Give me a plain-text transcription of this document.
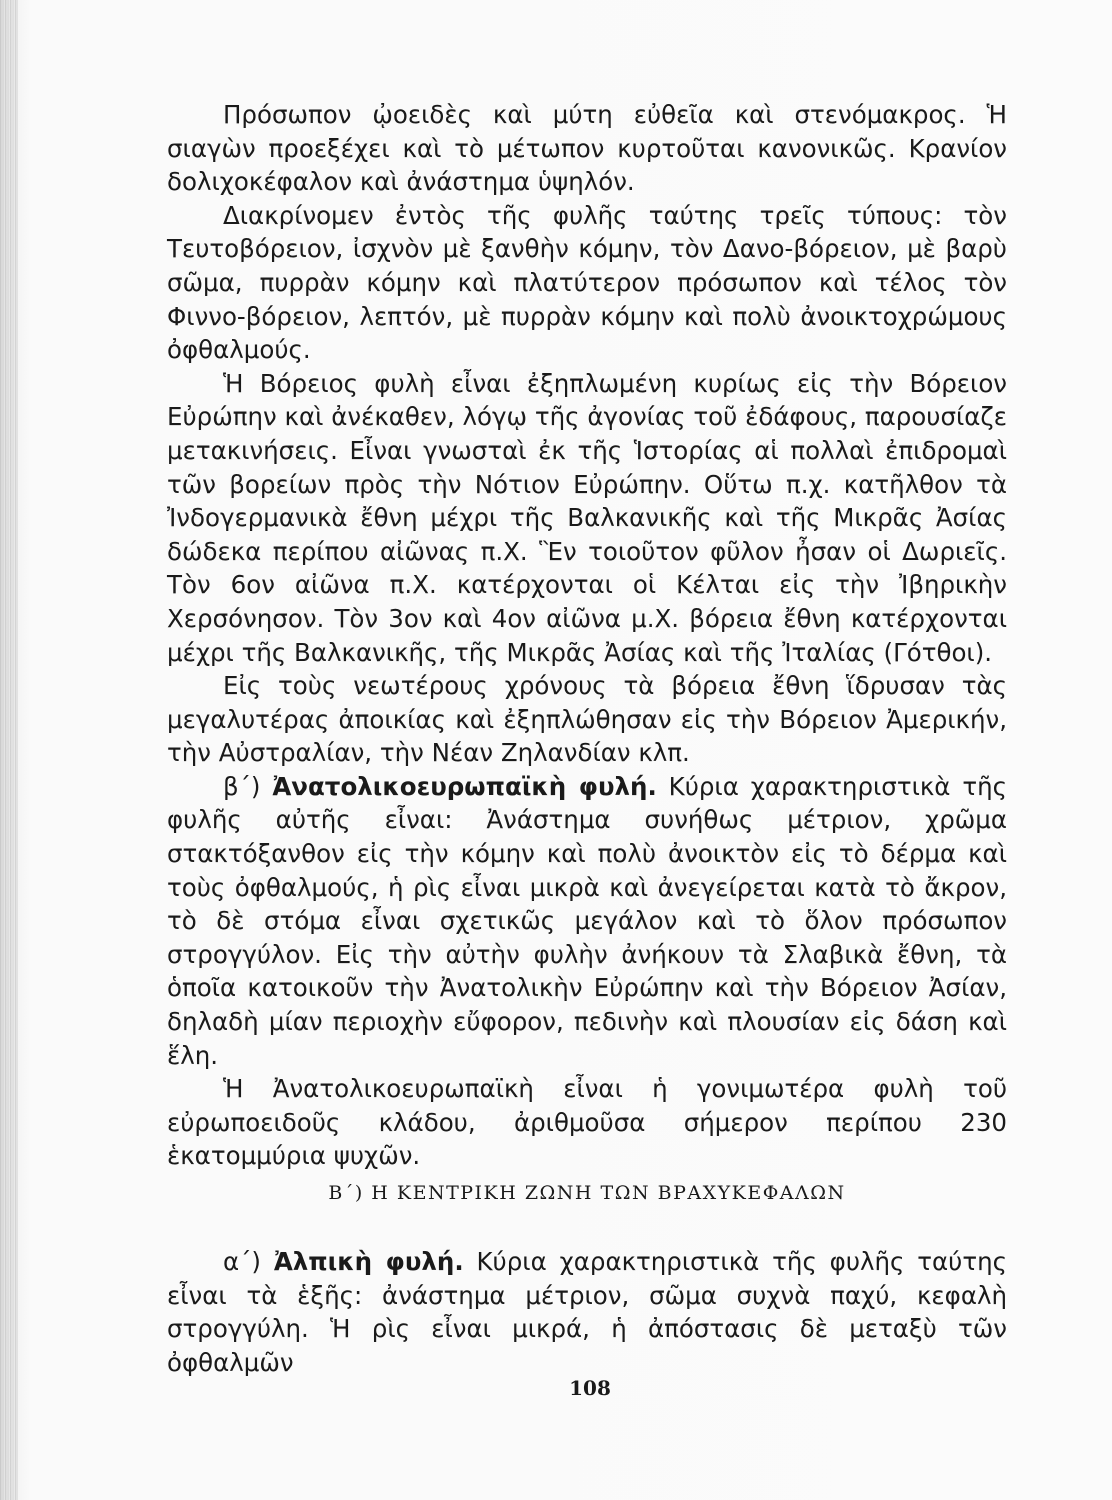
Πρόσωπον ᾠοειδὲς καὶ μύτη εὐθεῖα καὶ στενόμακρος. Ἡ σιαγὼν προεξέχει καὶ τὸ μέτωπον κυρτοῦται κανονικῶς. Κρανίον δολιχοκέφαλον καὶ ἀνάστημα ὑψηλόν.

Διακρίνομεν ἐντὸς τῆς φυλῆς ταύτης τρεῖς τύπους: τὸν Τευτοβόρειον, ἰσχνὸν μὲ ξανθὴν κόμην, τὸν Δανο-βόρειον, μὲ βαρὺ σῶμα, πυρρὰν κόμην καὶ πλατύτερον πρόσωπον καὶ τέλος τὸν Φιννο-βόρειον, λεπτόν, μὲ πυρρὰν κόμην καὶ πολὺ ἀνοικτοχρώμους ὀφθαλμούς.

Ἡ Βόρειος φυλὴ εἶναι ἐξηπλωμένη κυρίως εἰς τὴν Βόρειον Εὐρώπην καὶ ἀνέκαθεν, λόγῳ τῆς ἀγονίας τοῦ ἐδάφους, παρουσίαζε μετακινήσεις. Εἶναι γνωσταὶ ἐκ τῆς Ἱστορίας αἱ πολλαὶ ἐπιδρομαὶ τῶν βορείων πρὸς τὴν Νότιον Εὐρώπην. Οὕτω π.χ. κατῆλθον τὰ Ἰνδογερμανικὰ ἔθνη μέχρι τῆς Βαλκανικῆς καὶ τῆς Μικρᾶς Ἀσίας δώδεκα περίπου αἰῶνας π.Χ. Ἓν τοιοῦτον φῦλον ἦσαν οἱ Δωριεῖς. Τὸν 6ον αἰῶνα π.Χ. κατέρχονται οἱ Κέλται εἰς τὴν Ἰβηρικὴν Χερσόνησον. Τὸν 3ον καὶ 4ον αἰῶνα μ.Χ. βόρεια ἔθνη κατέρχονται μέχρι τῆς Βαλκανικῆς, τῆς Μικρᾶς Ἀσίας καὶ τῆς Ἰταλίας (Γότθοι).

Εἰς τοὺς νεωτέρους χρόνους τὰ βόρεια ἔθνη ἵδρυσαν τὰς μεγαλυτέρας ἀποικίας καὶ ἐξηπλώθησαν εἰς τὴν Βόρειον Ἀμερικήν, τὴν Αὐστραλίαν, τὴν Νέαν Ζηλανδίαν κλπ.

β΄) Ἀνατολικοευρωπαϊκὴ φυλή. Κύρια χαρακτηριστικὰ τῆς φυλῆς αὐτῆς εἶναι: Ἀνάστημα συνήθως μέτριον, χρῶμα στακτόξανθον εἰς τὴν κόμην καὶ πολὺ ἀνοικτὸν εἰς τὸ δέρμα καὶ τοὺς ὀφθαλμούς, ἡ ρὶς εἶναι μικρὰ καὶ ἀνεγείρεται κατὰ τὸ ἄκρον, τὸ δὲ στόμα εἶναι σχετικῶς μεγάλον καὶ τὸ ὅλον πρόσωπον στρογγύλον. Εἰς τὴν αὐτὴν φυλὴν ἀνήκουν τὰ Σλαβικὰ ἔθνη, τὰ ὁποῖα κατοικοῦν τὴν Ἀνατολικὴν Εὐρώπην καὶ τὴν Βόρειον Ἀσίαν, δηλαδὴ μίαν περιοχὴν εὔφορον, πεδινὴν καὶ πλουσίαν εἰς δάση καὶ ἕλη.

Ἡ Ἀνατολικοευρωπαϊκὴ εἶναι ἡ γονιμωτέρα φυλὴ τοῦ εὐρωποειδοῦς κλάδου, ἀριθμοῦσα σήμερον περίπου 230 ἑκατομμύρια ψυχῶν.

Β΄) Η ΚΕΝΤΡΙΚΗ ΖΩΝΗ ΤΩΝ ΒΡΑΧΥΚΕΦΑΛΩΝ

α΄) Ἀλπικὴ φυλή. Κύρια χαρακτηριστικὰ τῆς φυλῆς ταύτης εἶναι τὰ ἑξῆς: ἀνάστημα μέτριον, σῶμα συχνὰ παχύ, κεφαλὴ στρογγύλη. Ἡ ρὶς εἶναι μικρά, ἡ ἀπόστασις δὲ μεταξὺ τῶν ὀφθαλμῶν

108
